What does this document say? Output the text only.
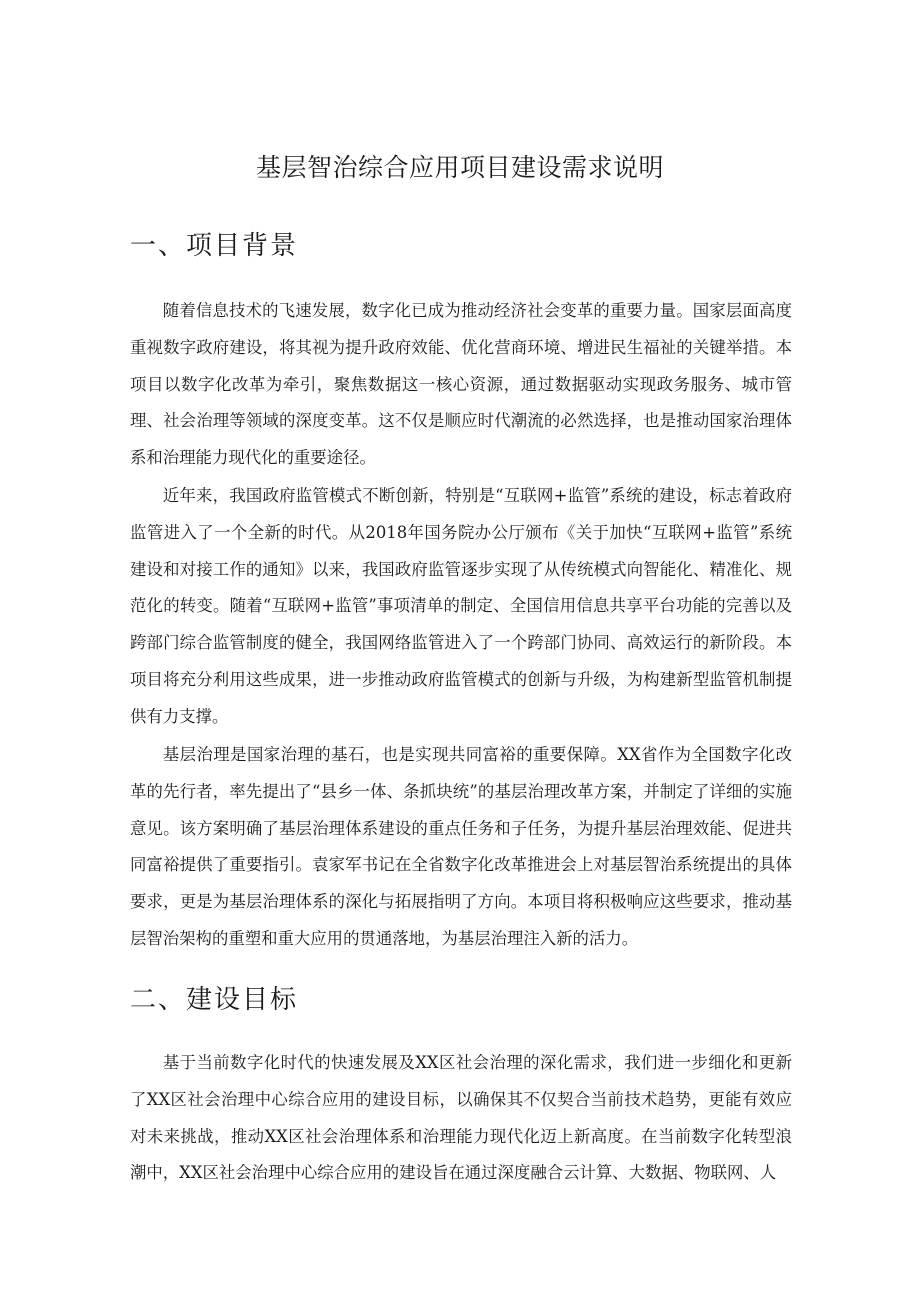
基层智治综合应用项目建设需求说明
一、项目背景

随着信息技术的飞速发展，数字化已成为推动经济社会变革的重要力量。国家层面高度重视数字政府建设，将其视为提升政府效能、优化营商环境、增进民生福祉的关键举措。本项目以数字化改革为牵引，聚焦数据这一核心资源，通过数据驱动实现政务服务、城市管理、社会治理等领域的深度变革。这不仅是顺应时代潮流的必然选择，也是推动国家治理体系和治理能力现代化的重要途径。

近年来，我国政府监管模式不断创新，特别是“互联网+监管”系统的建设，标志着政府监管进入了一个全新的时代。从2018年国务院办公厅颁布《关于加快“互联网+监管”系统建设和对接工作的通知》以来，我国政府监管逐步实现了从传统模式向智能化、精准化、规范化的转变。随着“互联网+监管”事项清单的制定、全国信用信息共享平台功能的完善以及跨部门综合监管制度的健全，我国网络监管进入了一个跨部门协同、高效运行的新阶段。本项目将充分利用这些成果，进一步推动政府监管模式的创新与升级，为构建新型监管机制提供有力支撑。

基层治理是国家治理的基石，也是实现共同富裕的重要保障。XX省作为全国数字化改革的先行者，率先提出了“县乡一体、条抓块统”的基层治理改革方案，并制定了详细的实施意见。该方案明确了基层治理体系建设的重点任务和子任务，为提升基层治理效能、促进共同富裕提供了重要指引。袁家军书记在全省数字化改革推进会上对基层智治系统提出的具体要求，更是为基层治理体系的深化与拓展指明了方向。本项目将积极响应这些要求，推动基层智治架构的重塑和重大应用的贯通落地，为基层治理注入新的活力。

二、建设目标

基于当前数字化时代的快速发展及XX区社会治理的深化需求，我们进一步细化和更新了XX区社会治理中心综合应用的建设目标，以确保其不仅契合当前技术趋势，更能有效应对未来挑战，推动XX区社会治理体系和治理能力现代化迈上新高度。在当前数字化转型浪潮中，XX区社会治理中心综合应用的建设旨在通过深度融合云计算、大数据、物联网、人
